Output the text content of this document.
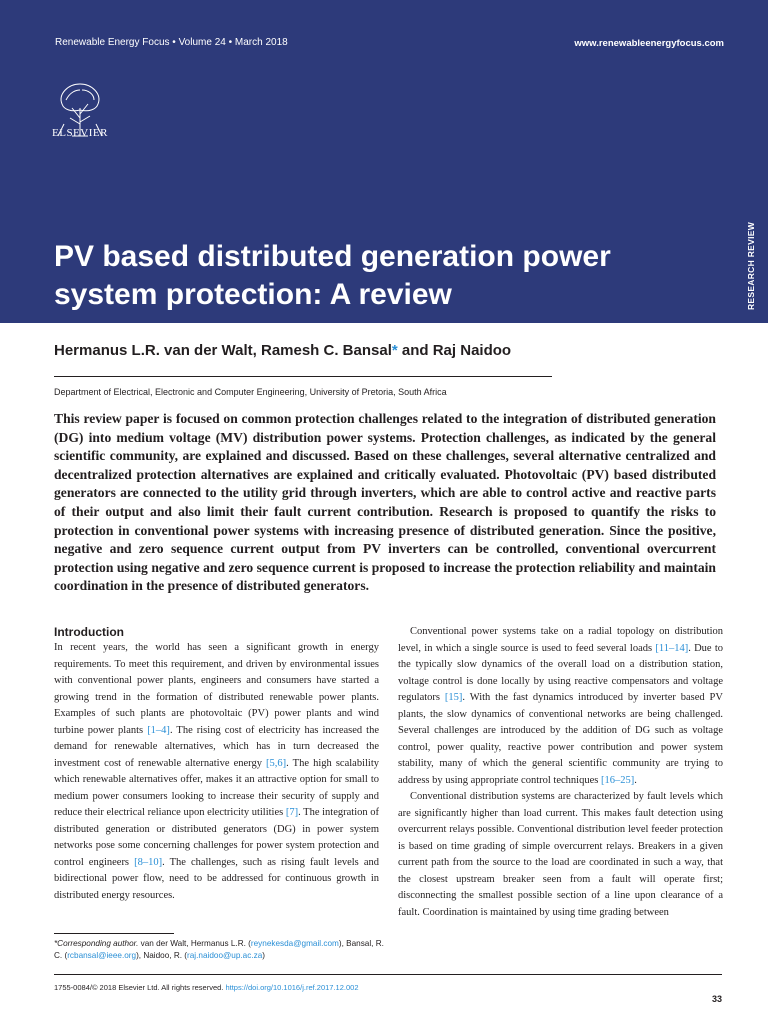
Renewable Energy Focus • Volume 24 • March 2018	www.renewableenergyfocus.com
ELSEVIER
RESEARCH REVIEW
PV based distributed generation power system protection: A review
Hermanus L.R. van der Walt, Ramesh C. Bansal* and Raj Naidoo
Department of Electrical, Electronic and Computer Engineering, University of Pretoria, South Africa

This review paper is focused on common protection challenges related to the integration of distributed generation (DG) into medium voltage (MV) distribution power systems. Protection challenges, as indicated by the general scientific community, are explained and discussed. Based on these challenges, several alternative centralized and decentralized protection alternatives are explained and critically evaluated. Photovoltaic (PV) based distributed generators are connected to the utility grid through inverters, which are able to control active and reactive parts of their output and also limit their fault current contribution. Research is proposed to quantify the risks to protection in conventional power systems with increasing presence of distributed generation. Since the positive, negative and zero sequence current output from PV inverters can be controlled, conventional overcurrent protection using negative and zero sequence current is proposed to increase the protection reliability and maintain coordination in the presence of distributed generators.

Introduction

In recent years, the world has seen a significant growth in energy requirements. To meet this requirement, and driven by environmental issues with conventional power plants, engineers and consumers have started a growing trend in the formation of distributed renewable power plants. Examples of such plants are photovoltaic (PV) power plants and wind turbine power plants [1–4]. The rising cost of electricity has increased the demand for renewable alternatives, which has in turn decreased the investment cost of renewable alternative energy [5,6]. The high scalability which renewable alternatives offer, makes it an attractive option for small to medium power consumers looking to increase their security of supply and reduce their electrical reliance upon electricity utilities [7]. The integration of distributed generation or distributed generators (DG) in power system networks pose some concerning challenges for power system protection and control engineers [8–10]. The challenges, such as rising fault levels and bidirectional power flow, need to be addressed for continuous growth in distributed energy resources.

Conventional power systems take on a radial topology on distribution level, in which a single source is used to feed several loads [11–14]. Due to the typically slow dynamics of the overall load on a distribution station, voltage control is done locally by using reactive compensators and voltage regulators [15]. With the fast dynamics introduced by inverter based PV plants, the slow dynamics of conventional networks are being challenged. Several challenges are introduced by the addition of DG such as voltage control, power quality, reactive power contribution and power system stability, many of which the general scientific community are trying to address by using appropriate control techniques [16–25].

Conventional distribution systems are characterized by fault levels which are significantly higher than load current. This makes fault detection using overcurrent relays possible. Conventional distribution level feeder protection is based on time grading of simple overcurrent relays. Breakers in a given current path from the source to the load are coordinated in such a way, that the closest upstream breaker seen from a fault will operate first; disconnecting the smallest possible section of a line upon clearance of a fault. Coordination is maintained by using time grading between

*Corresponding author. van der Walt, Hermanus L.R. (reynekesda@gmail.com), Bansal, R. C. (rcbansal@ieee.org), Naidoo, R. (raj.naidoo@up.ac.za)
1755-0084/© 2018 Elsevier Ltd. All rights reserved. https://doi.org/10.1016/j.ref.2017.12.002
33
